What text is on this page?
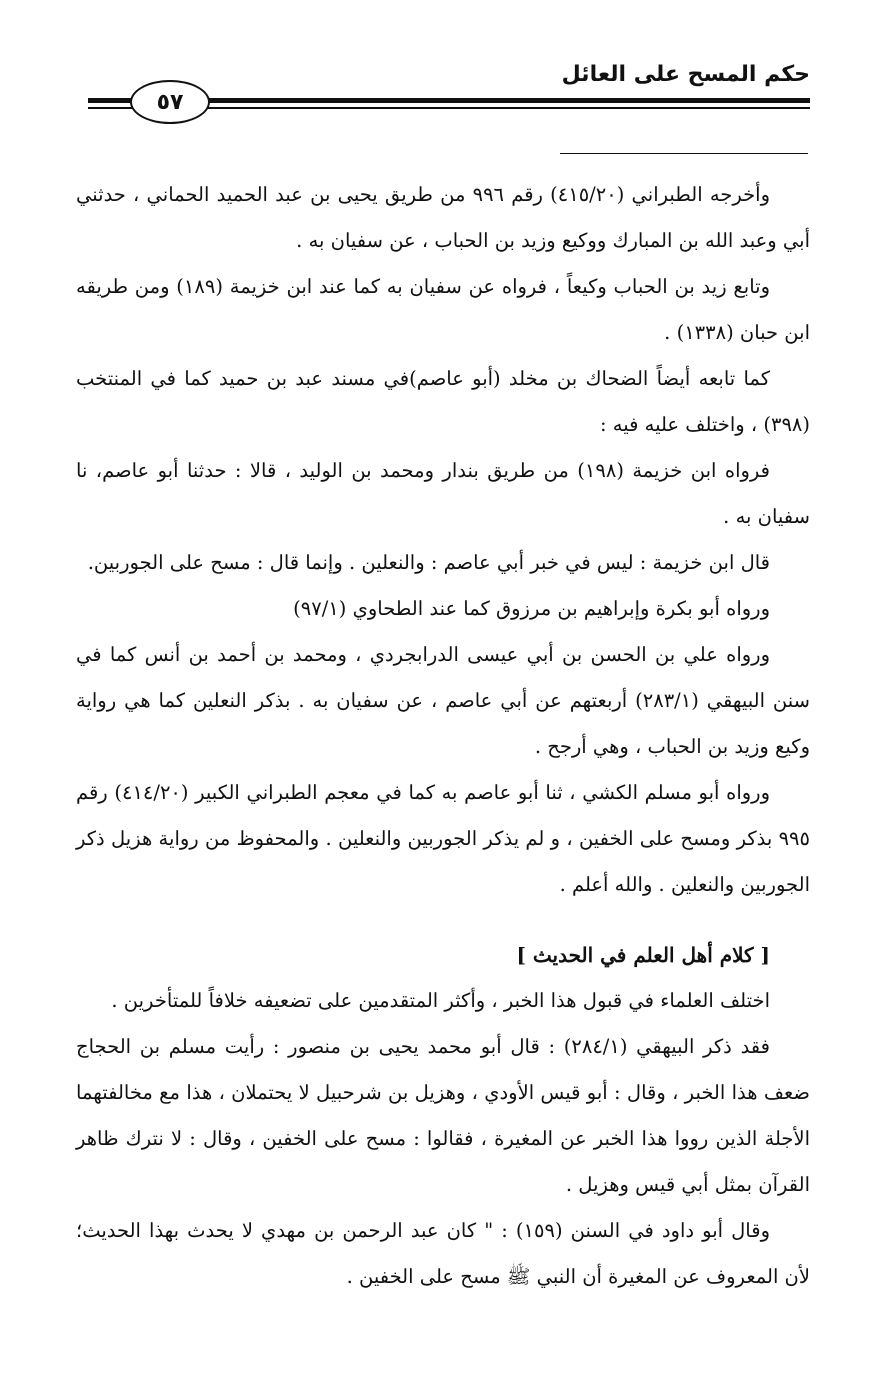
حكم المسح على العائل
٥٧

وأخرجه الطبراني (٤١٥/٢٠) رقم ٩٩٦ من طريق يحيى بن عبد الحميد الحماني ، حدثني أبي وعبد الله بن المبارك ووكيع وزيد بن الحباب ، عن سفيان به .

وتابع زيد بن الحباب وكيعاً ، فرواه عن سفيان به كما عند ابن خزيمة (١٨٩) ومن طريقه ابن حبان (١٣٣٨) .

كما تابعه أيضاً الضحاك بن مخلد (أبو عاصم)في مسند عبد بن حميد كما في المنتخب (٣٩٨) ، واختلف عليه فيه :

فرواه ابن خزيمة (١٩٨) من طريق بندار ومحمد بن الوليد ، قالا : حدثنا أبو عاصم، نا سفيان به .

قال ابن خزيمة : ليس في خبر أبي عاصم : والنعلين . وإنما قال : مسح على الجوربين.

ورواه أبو بكرة وإبراهيم بن مرزوق كما عند الطحاوي (٩٧/١)

ورواه علي بن الحسن بن أبي عيسى الدرابجردي ، ومحمد بن أحمد بن أنس كما في سنن البيهقي (٢٨٣/١) أربعتهم عن أبي عاصم ، عن سفيان به . بذكر النعلين كما هي رواية وكيع وزيد بن الحباب ، وهي أرجح .

ورواه أبو مسلم الكشي ، ثنا أبو عاصم به كما في معجم الطبراني الكبير (٤١٤/٢٠) رقم ٩٩٥ بذكر ومسح على الخفين ، و لم يذكر الجوربين والنعلين . والمحفوظ من رواية هزيل ذكر الجوربين والنعلين . والله أعلم .

[ كلام أهل العلم في الحديث ]

اختلف العلماء في قبول هذا الخبر ، وأكثر المتقدمين على تضعيفه خلافاً للمتأخرين .

فقد ذكر البيهقي (٢٨٤/١) : قال أبو محمد يحيى بن منصور : رأيت مسلم بن الحجاج ضعف هذا الخبر ، وقال : أبو قيس الأودي ، وهزيل بن شرحبيل لا يحتملان ، هذا مع مخالفتهما الأجلة الذين رووا هذا الخبر عن المغيرة ، فقالوا : مسح على الخفين ، وقال : لا نترك ظاهر القرآن بمثل أبي قيس وهزيل .

وقال أبو داود في السنن (١٥٩) : " كان عبد الرحمن بن مهدي لا يحدث بهذا الحديث؛ لأن المعروف عن المغيرة أن النبي ﷺ مسح على الخفين .
